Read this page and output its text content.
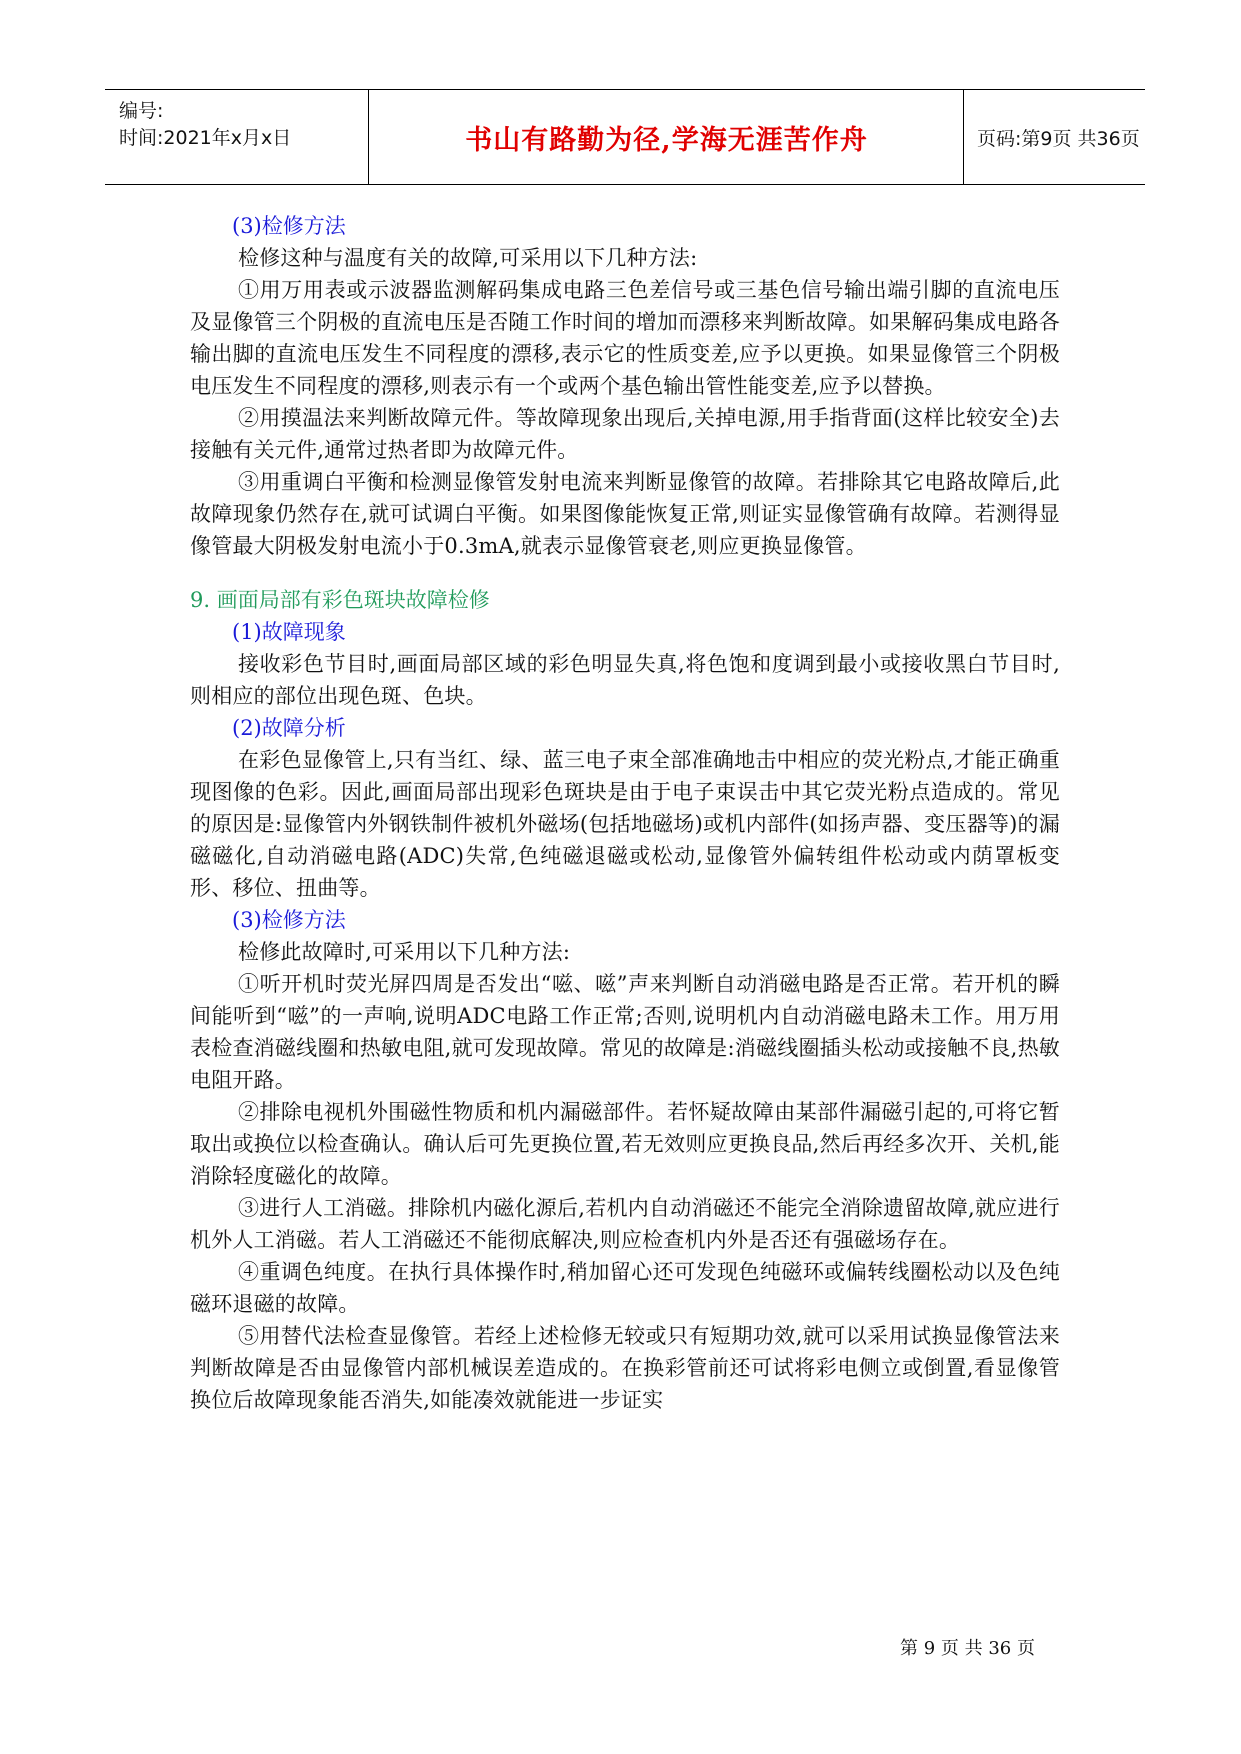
编号:
时间:2021年x月x日	书山有路勤为径,学海无涯苦作舟	页码:第9页 共36页

(3)检修方法

检修这种与温度有关的故障,可采用以下几种方法:

①用万用表或示波器监测解码集成电路三色差信号或三基色信号输出端引脚的直流电压及显像管三个阴极的直流电压是否随工作时间的增加而漂移来判断故障。如果解码集成电路各输出脚的直流电压发生不同程度的漂移,表示它的性质变差,应予以更换。如果显像管三个阴极电压发生不同程度的漂移,则表示有一个或两个基色输出管性能变差,应予以替换。

②用摸温法来判断故障元件。等故障现象出现后,关掉电源,用手指背面(这样比较安全)去接触有关元件,通常过热者即为故障元件。

③用重调白平衡和检测显像管发射电流来判断显像管的故障。若排除其它电路故障后,此故障现象仍然存在,就可试调白平衡。如果图像能恢复正常,则证实显像管确有故障。若测得显像管最大阴极发射电流小于0.3mA,就表示显像管衰老,则应更换显像管。

9. 画面局部有彩色斑块故障检修

(1)故障现象

接收彩色节目时,画面局部区域的彩色明显失真,将色饱和度调到最小或接收黑白节目时,则相应的部位出现色斑、色块。

(2)故障分析

在彩色显像管上,只有当红、绿、蓝三电子束全部准确地击中相应的荧光粉点,才能正确重现图像的色彩。因此,画面局部出现彩色斑块是由于电子束误击中其它荧光粉点造成的。常见的原因是:显像管内外钢铁制件被机外磁场(包括地磁场)或机内部件(如扬声器、变压器等)的漏磁磁化,自动消磁电路(ADC)失常,色纯磁退磁或松动,显像管外偏转组件松动或内荫罩板变形、移位、扭曲等。

(3)检修方法

检修此故障时,可采用以下几种方法:

①听开机时荧光屏四周是否发出“嗞、嗞”声来判断自动消磁电路是否正常。若开机的瞬间能听到“嗞”的一声响,说明ADC电路工作正常;否则,说明机内自动消磁电路未工作。用万用表检查消磁线圈和热敏电阻,就可发现故障。常见的故障是:消磁线圈插头松动或接触不良,热敏电阻开路。

②排除电视机外围磁性物质和机内漏磁部件。若怀疑故障由某部件漏磁引起的,可将它暂取出或换位以检查确认。确认后可先更换位置,若无效则应更换良品,然后再经多次开、关机,能消除轻度磁化的故障。

③进行人工消磁。排除机内磁化源后,若机内自动消磁还不能完全消除遗留故障,就应进行机外人工消磁。若人工消磁还不能彻底解决,则应检查机内外是否还有强磁场存在。

④重调色纯度。在执行具体操作时,稍加留心还可发现色纯磁环或偏转线圈松动以及色纯磁环退磁的故障。

⑤用替代法检查显像管。若经上述检修无较或只有短期功效,就可以采用试换显像管法来判断故障是否由显像管内部机械误差造成的。在换彩管前还可试将彩电侧立或倒置,看显像管换位后故障现象能否消失,如能凑效就能进一步证实

第 9 页 共 36 页
